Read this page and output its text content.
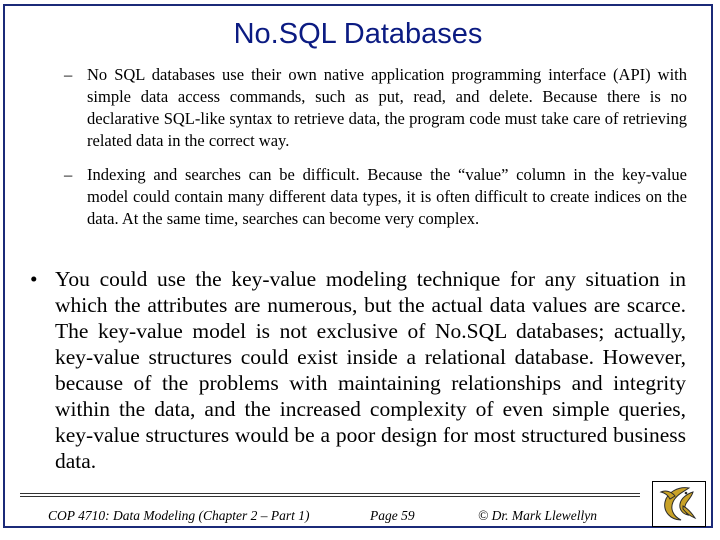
No.SQL Databases
– No SQL databases use their own native application programming interface (API) with simple data access commands, such as put, read, and delete. Because there is no declarative SQL-like syntax to retrieve data, the program code must take care of retrieving related data in the correct way.
– Indexing and searches can be difficult. Because the “value” column in the key-value model could contain many different data types, it is often difficult to create indices on the data. At the same time, searches can become very complex.
• You could use the key-value modeling technique for any situation in which the attributes are numerous, but the actual data values are scarce. The key-value model is not exclusive of No.SQL databases; actually, key-value structures could exist inside a relational database. However, because of the problems with maintaining relationships and integrity within the data, and the increased complexity of even simple queries, key-value structures would be a poor design for most structured business data.
COP 4710: Data Modeling (Chapter 2 – Part 1)	Page 59	© Dr. Mark Llewellyn
